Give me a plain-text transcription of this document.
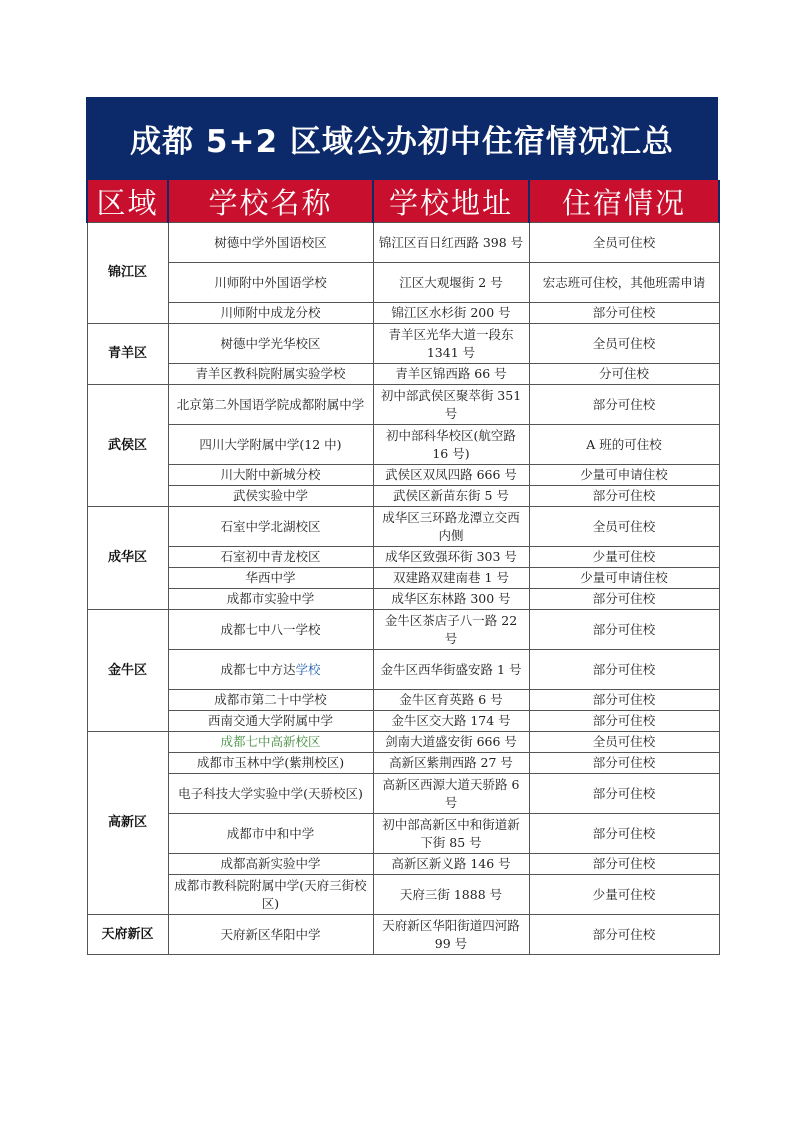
成都 5+2 区域公办初中住宿情况汇总
区域	学校名称	学校地址	住宿情况
锦江区	树德中学外国语校区	锦江区百日红西路 398 号	全员可住校
	川师附中外国语学校	江区大观堰街 2 号	宏志班可住校，其他班需申请
	川师附中成龙分校	锦江区水杉街 200 号	部分可住校
青羊区	树德中学光华校区	青羊区光华大道一段东 1341 号	全员可住校
	青羊区教科院附属实验学校	青羊区锦西路 66 号	分可住校
武侯区	北京第二外国语学院成都附属中学	初中部武侯区聚萃街 351 号	部分可住校
	四川大学附属中学(12 中)	初中部科华校区(航空路 16 号)	A 班的可住校
	川大附中新城分校	武侯区双凤四路 666 号	少量可申请住校
	武侯实验中学	武侯区新苗东街 5 号	部分可住校
成华区	石室中学北湖校区	成华区三环路龙潭立交西内侧	全员可住校
	石室初中青龙校区	成华区致强环街 303 号	少量可住校
	华西中学	双建路双建南巷 1 号	少量可申请住校
	成都市实验中学	成华区东林路 300 号	部分可住校
金牛区	成都七中八一学校	金牛区茶店子八一路 22 号	部分可住校
	成都七中方达学校	金牛区西华街盛安路 1 号	部分可住校
	成都市第二十中学校	金牛区育英路 6 号	部分可住校
	西南交通大学附属中学	金牛区交大路 174 号	部分可住校
高新区	成都七中高新校区	剑南大道盛安街 666 号	全员可住校
	成都市玉林中学(紫荆校区)	高新区紫荆西路 27 号	部分可住校
	电子科技大学实验中学(天骄校区)	高新区西源大道天骄路 6 号	部分可住校
	成都市中和中学	初中部高新区中和街道新下街 85 号	部分可住校
	成都高新实验中学	高新区新义路 146 号	部分可住校
	成都市教科院附属中学(天府三街校区)	天府三街 1888 号	少量可住校
天府新区	天府新区华阳中学	天府新区华阳街道四河路 99 号	部分可住校
